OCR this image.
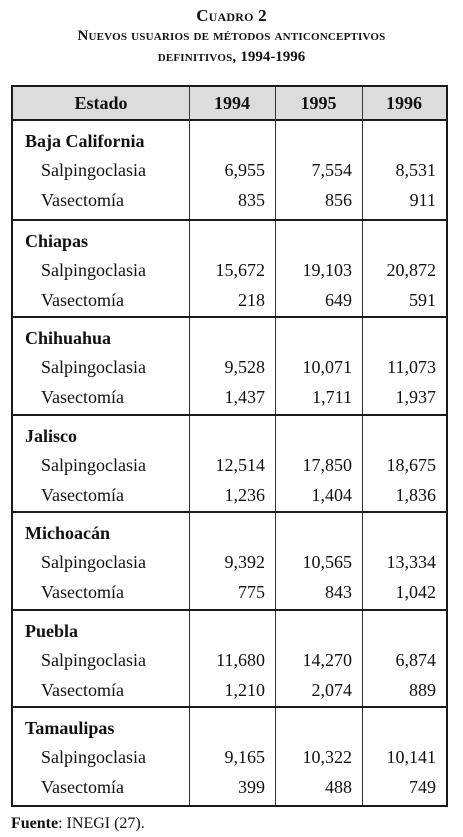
Cuadro 2
Nuevos usuarios de métodos anticonceptivos
definitivos, 1994-1996
Estado	1994	1995	1996
Baja California
Salpingoclasia	6,955	7,554 8,531
Vasectomía	835	856	911
Chiapas
Salpingoclasia	15,672 19,103 20,872
Vasectomía	218	649	591
Chihuahua
Salpingoclasia	9,528 10,071 11,073
Vasectomía	1,437	1,711 1,937
Jalisco
Salpingoclasia	12,514 17,850 18,675
Vasectomía	1,236	1,404 1,836
Michoacán
Salpingoclasia	9,392 10,565 13,334
Vasectomía	775	843 1,042
Puebla
Salpingoclasia	11,680 14,270 6,874
Vasectomía	1,210	2,074	889
Tamaulipas
Salpingoclasia	9,165 10,322 10,141
Vasectomía	399	488	749
Fuente: INEGI (27).
